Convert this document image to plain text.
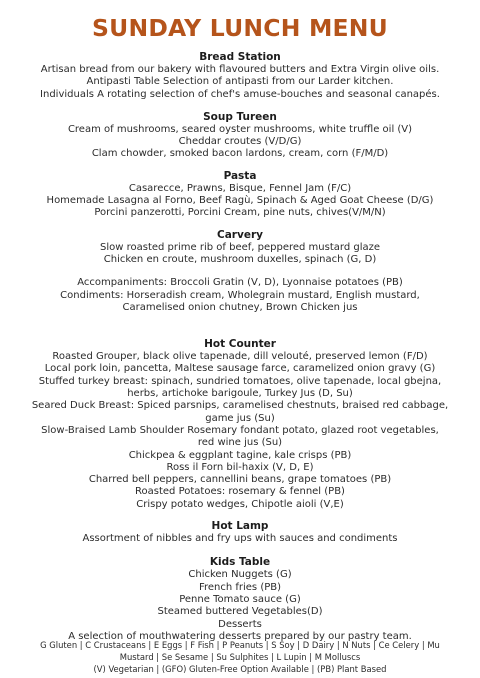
SUNDAY LUNCH MENU
Bread Station
Artisan bread from our bakery with flavoured butters and Extra Virgin olive oils.
Antipasti Table Selection of antipasti from our Larder kitchen.
Individuals A rotating selection of chef's amuse-bouches and seasonal canapés.
Soup Tureen
Cream of mushrooms, seared oyster mushrooms, white truffle oil (V)
Cheddar croutes (V/D/G)
Clam chowder, smoked bacon lardons, cream, corn (F/M/D)
Pasta
Casarecce, Prawns, Bisque, Fennel Jam (F/C)
Homemade Lasagna al Forno, Beef Ragù, Spinach & Aged Goat Cheese (D/G)
Porcini panzerotti, Porcini Cream, pine nuts, chives(V/M/N)
Carvery
Slow roasted prime rib of beef, peppered mustard glaze
Chicken en croute, mushroom duxelles, spinach (G, D)
Accompaniments: Broccoli Gratin (V, D), Lyonnaise potatoes (PB)
Condiments: Horseradish cream, Wholegrain mustard, English mustard,
Caramelised onion chutney, Brown Chicken jus
Hot Counter
Roasted Grouper, black olive tapenade, dill velouté, preserved lemon (F/D)
Local pork loin, pancetta, Maltese sausage farce, caramelized onion gravy (G)
Stuffed turkey breast: spinach, sundried tomatoes, olive tapenade, local gbejna,
herbs, artichoke barigoule, Turkey Jus (D, Su)
Seared Duck Breast: Spiced parsnips, caramelised chestnuts, braised red cabbage,
game jus (Su)
Slow-Braised Lamb Shoulder Rosemary fondant potato, glazed root vegetables,
red wine jus (Su)
Chickpea & eggplant tagine, kale crisps (PB)
Ross il Forn bil-haxix (V, D, E)
Charred bell peppers, cannellini beans, grape tomatoes (PB)
Roasted Potatoes: rosemary & fennel (PB)
Crispy potato wedges, Chipotle aioli (V,E)
Hot Lamp
Assortment of nibbles and fry ups with sauces and condiments
Kids Table
Chicken Nuggets (G)
French fries (PB)
Penne Tomato sauce (G)
Steamed buttered Vegetables(D)
Desserts
A selection of mouthwatering desserts prepared by our pastry team.
G Gluten | C Crustaceans | E Eggs | F Fish | P Peanuts | S Soy | D Dairy | N Nuts | Ce Celery | Mu
Mustard | Se Sesame | Su Sulphites | L Lupin | M Molluscs
(V) Vegetarian | (GFO) Gluten-Free Option Available | (PB) Plant Based
